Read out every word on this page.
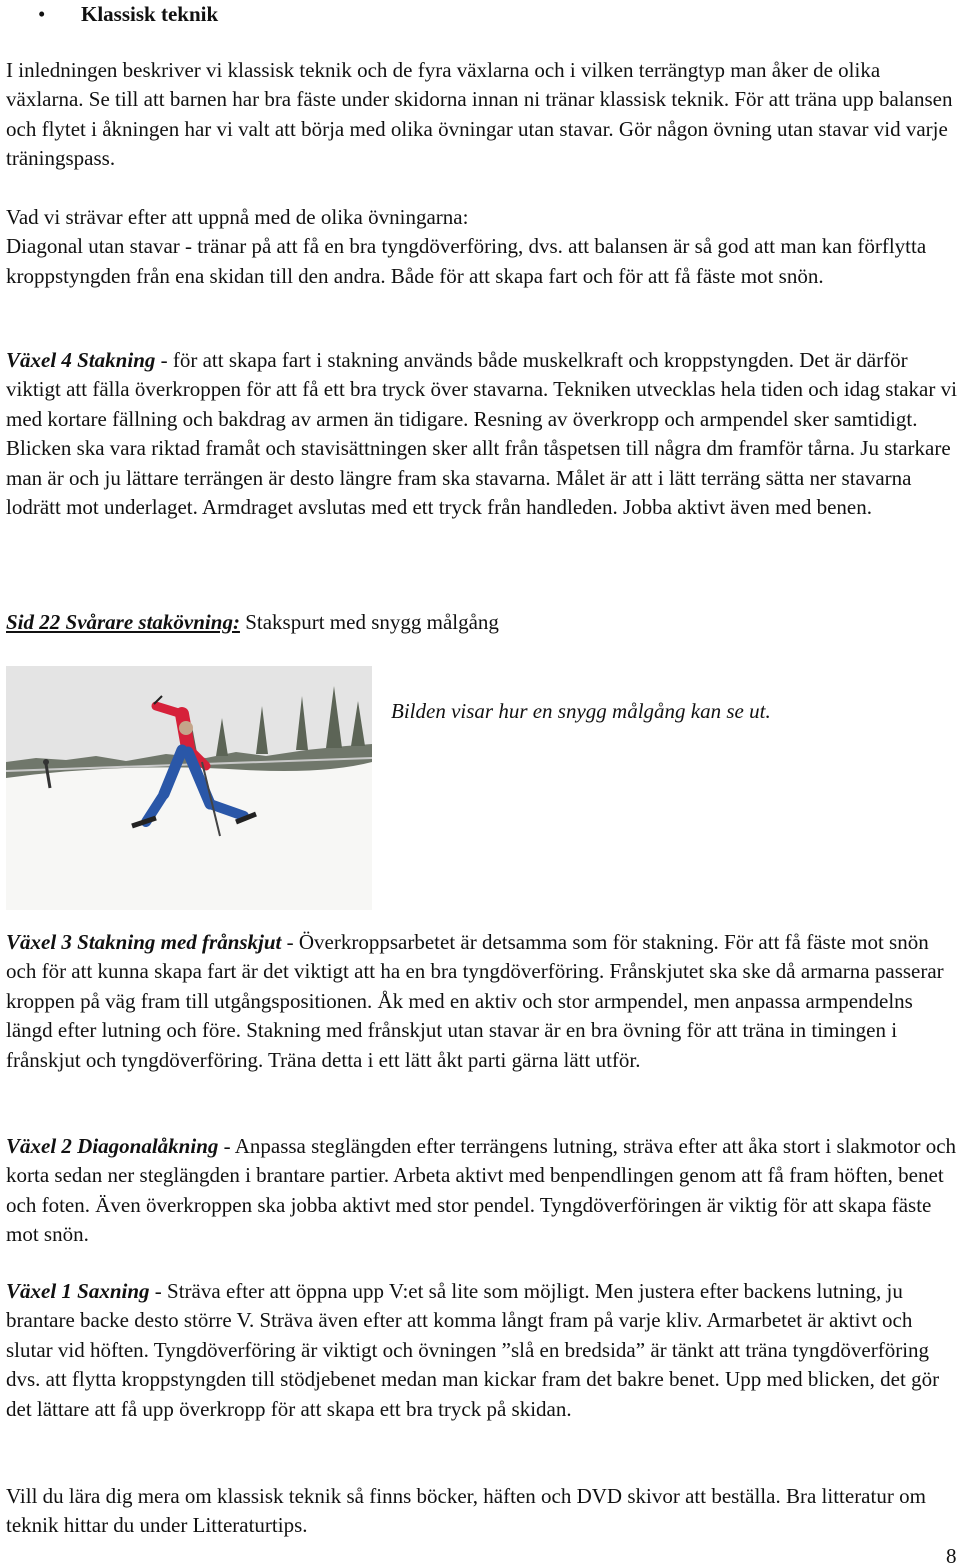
• Klassisk teknik

I inledningen beskriver vi klassisk teknik och de fyra växlarna och i vilken terrängtyp man åker de olika växlarna. Se till att barnen har bra fäste under skidorna innan ni tränar klassisk teknik. För att träna upp balansen och flytet i åkningen har vi valt att börja med olika övningar utan stavar. Gör någon övning utan stavar vid varje träningspass.

Vad vi strävar efter att uppnå med de olika övningarna:
Diagonal utan stavar - tränar på att få en bra tyngdöverföring, dvs. att balansen är så god att man kan förflytta kroppstyngden från ena skidan till den andra. Både för att skapa fart och för att få fäste mot snön.

Växel 4 Stakning - för att skapa fart i stakning används både muskelkraft och kroppstyngden. Det är därför viktigt att fälla överkroppen för att få ett bra tryck över stavarna. Tekniken utvecklas hela tiden och idag stakar vi med kortare fällning och bakdrag av armen än tidigare. Resning av överkropp och armpendel sker samtidigt. Blicken ska vara riktad framåt och stavisättningen sker allt från tåspetsen till några dm framför tårna. Ju starkare man är och ju lättare terrängen är desto längre fram ska stavarna. Målet är att i lätt terräng sätta ner stavarna lodrätt mot underlaget. Armdraget avslutas med ett tryck från handleden. Jobba aktivt även med benen.

Sid 22 Svårare stakövning: Stakspurt med snygg målgång

Bilden visar hur en snygg målgång kan se ut.

Växel 3 Stakning med frånskjut - Överkroppsarbetet är detsamma som för stakning. För att få fäste mot snön och för att kunna skapa fart är det viktigt att ha en bra tyngdöverföring. Frånskjutet ska ske då armarna passerar kroppen på väg fram till utgångspositionen. Åk med en aktiv och stor armpendel, men anpassa armpendelns längd efter lutning och före. Stakning med frånskjut utan stavar är en bra övning för att träna in timingen i frånskjut och tyngdöverföring. Träna detta i ett lätt åkt parti gärna lätt utför.

Växel 2 Diagonalåkning - Anpassa steglängden efter terrängens lutning, sträva efter att åka stort i slakmotor och korta sedan ner steglängden i brantare partier. Arbeta aktivt med benpendlingen genom att få fram höften, benet och foten. Även överkroppen ska jobba aktivt med stor pendel. Tyngdöverföringen är viktig för att skapa fäste mot snön.

Växel 1 Saxning - Sträva efter att öppna upp V:et så lite som möjligt. Men justera efter backens lutning, ju brantare backe desto större V. Sträva även efter att komma långt fram på varje kliv. Armarbetet är aktivt och slutar vid höften. Tyngdöverföring är viktigt och övningen ”slå en bredsida” är tänkt att träna tyngdöverföring dvs. att flytta kroppstyngden till stödjebenet medan man kickar fram det bakre benet. Upp med blicken, det gör det lättare att få upp överkropp för att skapa ett bra tryck på skidan.

Vill du lära dig mera om klassisk teknik så finns böcker, häften och DVD skivor att beställa. Bra litteratur om teknik hittar du under Litteraturtips.

8
